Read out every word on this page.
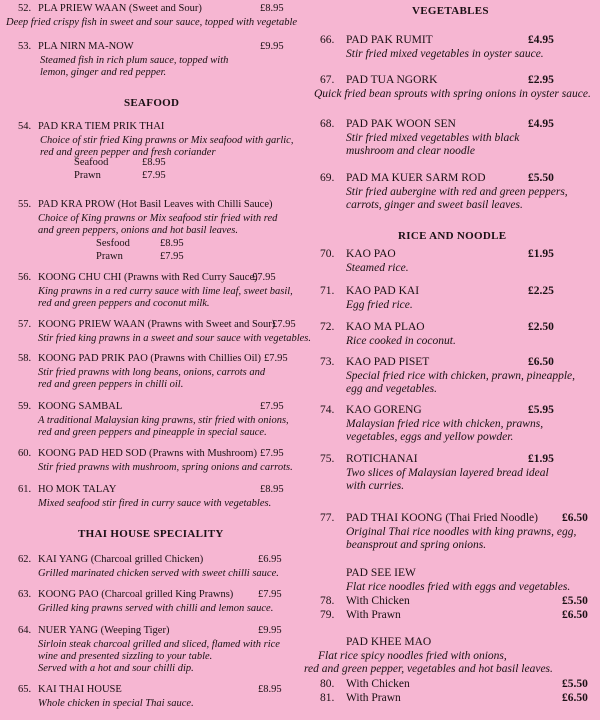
52. PLA PRIEW WAAN (Sweet and Sour)	£8.95
Deep fried crispy fish in sweet and sour sauce, topped with vegetable
53. PLA NIRN MA-NOW	£9.95
Steamed fish in rich plum sauce, topped with
lemon, ginger and red pepper.
54. PAD KRA TIEM PRIK THAI
Choice of stir fried King prawns or Mix seafood with garlic,
red and green pepper and fresh coriander
Seafood	£8.95
Prawn	£7.95
55. PAD KRA PROW (Hot Basil Leaves with Chilli Sauce)
Choice of King prawns or Mix seafood stir fried with red
and green peppers, onions and hot basil leaves.
Sesfood	£8.95
Prawn	£7.95
56. KOONG CHU CHI (Prawns with Red Curry Sauce)
£7.95
King prawns in a red curry sauce with lime leaf, sweet basil,
red and green peppers and coconut milk.
57. KOONG PRIEW WAAN (Prawns with Sweet and Sour)
£7.95
Stir fried king prawns in a sweet and sour sauce with vegetables.
58. KOONG PAD PRIK PAO (Prawns with Chillies Oil) £7.95
Stir fried prawns with long beans, onions, carrots and
red and green peppers in chilli oil.
59. KOONG SAMBAL	£7.95
A traditional Malaysian king prawns, stir fried with onions,
red and green peppers and pineapple in special sauce.
60. KOONG PAD HED SOD (Prawns with Mushroom) £7.95
Stir fried prawns with mushroom, spring onions and carrots.
61. HO MOK TALAY	£8.95
Mixed seafood stir fired in curry sauce with vegetables.
62. KAI YANG (Charcoal grilled Chicken)	£6.95
Grilled marinated chicken served with sweet chilli sauce.
63. KOONG PAO (Charcoal grilled King Prawns) £7.95
Grilled king prawns served with chilli and lemon sauce.
64. NUER YANG (Weeping Tiger)	£9.95
Sirloin steak charcoal grilled and sliced, flamed with rice
wine and presented sizzling to your table.
Served with a hot and sour chilli dip.
65. KAI THAI HOUSE	£8.95
Whole chicken in special Thai sauce.
SEAFOOD
THAI HOUSE SPECIALITY
VEGETABLES
RICE AND NOODLE
66. PAD PAK RUMIT	£4.95
Stir fried mixed vegetables in oyster sauce.
67. PAD TUA NGORK	£2.95
Quick fried bean sprouts with spring onions in oyster sauce.
68. PAD PAK WOON SEN	£4.95
Stir fried mixed vegetables with black
mushroom and clear noodle
69. PAD MA KUER SARM ROD	£5.50
Stir fried aubergine with red and green peppers,
carrots, ginger and sweet basil leaves.
70. KAO PAO	£1.95
Steamed rice.
71. KAO PAD KAI	£2.25
Egg fried rice.
72. KAO MA PLAO	£2.50
Rice cooked in coconut.
73. KAO PAD PISET	£6.50
Special fried rice with chicken, prawn, pineapple,
egg and vegetables.
74. KAO GORENG	£5.95
Malaysian fried rice with chicken, prawns,
vegetables, eggs and yellow powder.
75. ROTICHANAI	£1.95
Two slices of Malaysian layered bread ideal
with curries.
77. PAD THAI KOONG (Thai Fried Noodle) £6.50
Original Thai rice noodles with king prawns, egg,
beansprout and spring onions.
PAD SEE IEW
Flat rice noodles fried with eggs and vegetables.
78. With Chicken	£5.50
79. With Prawn	£6.50
PAD KHEE MAO
Flat rice spicy noodles fried with onions,
red and green pepper, vegetables and hot basil leaves.
80. With Chicken	£5.50
81. With Prawn	£6.50
